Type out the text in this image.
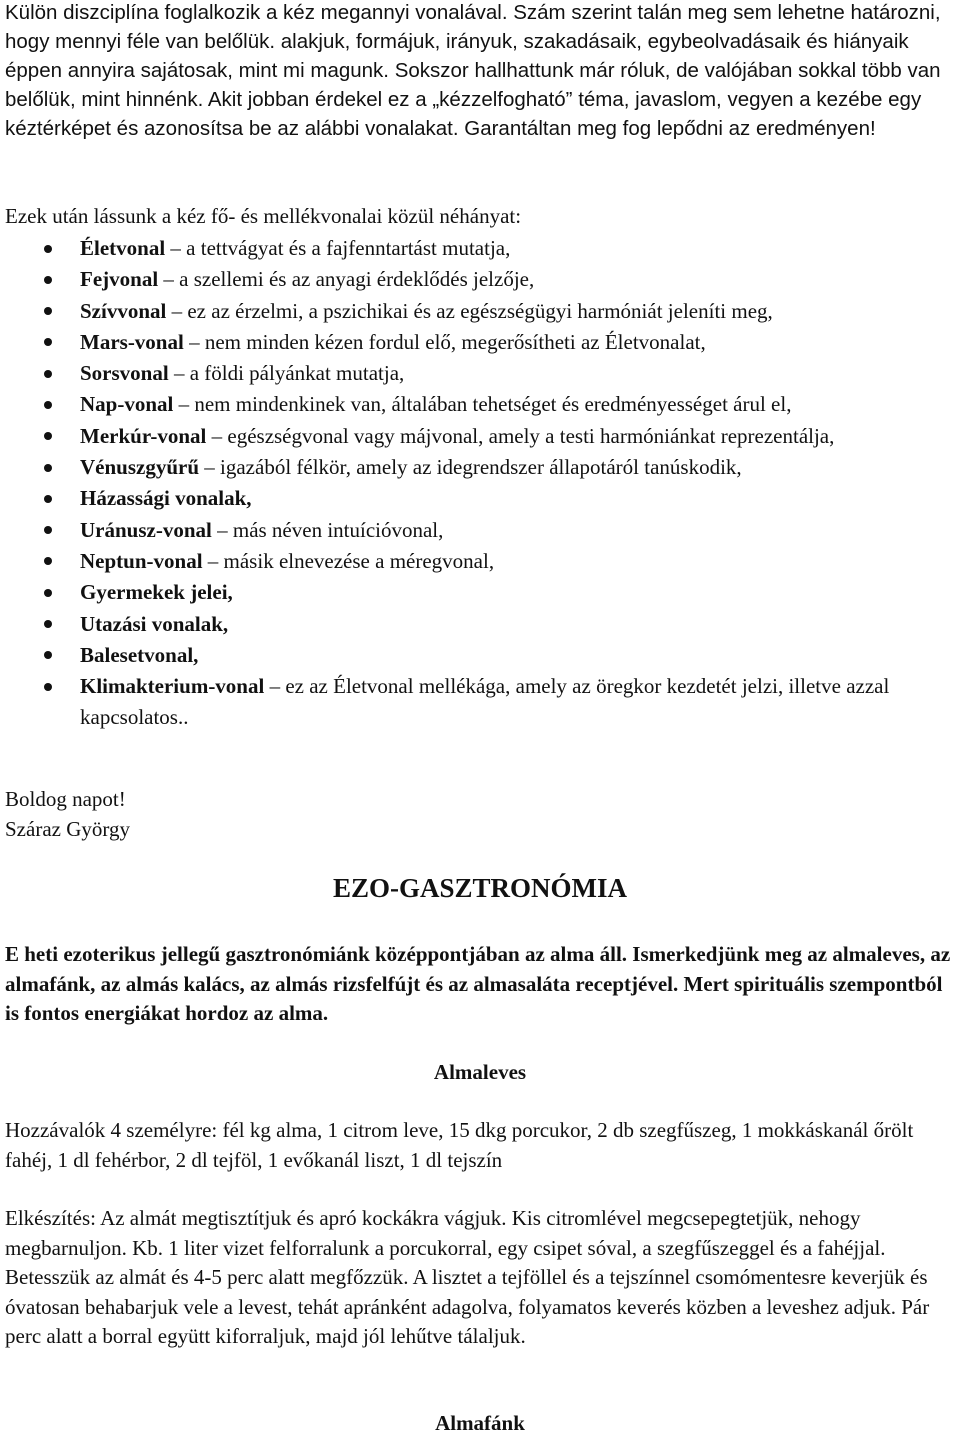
Külön diszciplína foglalkozik a kéz megannyi vonalával. Szám szerint talán meg sem lehetne határozni, hogy mennyi féle van belőlük. alakjuk, formájuk, irányuk, szakadásaik, egybeolvadásaik és hiányaik éppen annyira sajátosak, mint mi magunk. Sokszor hallhattunk már róluk, de valójában sokkal több van belőlük, mint hinnénk. Akit jobban érdekel ez a „kézzelfogható” téma, javaslom, vegyen a kezébe egy kéztérképet és azonosítsa be az alábbi vonalakat. Garantáltan meg fog lepődni az eredményen!

Ezek után lássunk a kéz fő- és mellékvonalai közül néhányat:

Életvonal – a tettvágyat és a fajfenntartást mutatja,
Fejvonal – a szellemi és az anyagi érdeklődés jelzője,
Szívvonal – ez az érzelmi, a pszichikai és az egészségügyi harmóniát jeleníti meg,
Mars-vonal – nem minden kézen fordul elő, megerősítheti az Életvonalat,
Sorsvonal – a földi pályánkat mutatja,
Nap-vonal – nem mindenkinek van, általában tehetséget és eredményességet árul el,
Merkúr-vonal – egészségvonal vagy májvonal, amely a testi harmóniánkat reprezentálja,
Vénuszgyűrű – igazából félkör, amely az idegrendszer állapotáról tanúskodik,
Házassági vonalak,
Uránusz-vonal – más néven intuícióvonal,
Neptun-vonal – másik elnevezése a méregvonal,
Gyermekek jelei,
Utazási vonalak,
Balesetvonal,
Klimakterium-vonal – ez az Életvonal mellékága, amely az öregkor kezdetét jelzi, illetve azzal kapcsolatos..
Boldog napot!
Száraz György
EZO-GASZTRONÓMIA

E heti ezoterikus jellegű gasztronómiánk középpontjában az alma áll. Ismerkedjünk meg az almaleves, az almafánk, az almás kalács, az almás rizsfelfújt és az almasaláta receptjével. Mert spirituális szempontból is fontos energiákat hordoz az alma.

Almaleves

Hozzávalók 4 személyre: fél kg alma, 1 citrom leve, 15 dkg porcukor, 2 db szegfűszeg, 1 mokkáskanál őrölt fahéj, 1 dl fehérbor, 2 dl tejföl, 1 evőkanál liszt, 1 dl tejszín

Elkészítés: Az almát megtisztítjuk és apró kockákra vágjuk. Kis citromlével megcsepegtetjük, nehogy megbarnuljon. Kb. 1 liter vizet felforralunk a porcukorral, egy csipet sóval, a szegfűszeggel és a fahéjjal. Betesszük az almát és 4-5 perc alatt megfőzzük. A lisztet a tejföllel és a tejszínnel csomómentesre keverjük és óvatosan behabarjuk vele a levest, tehát apránként adagolva, folyamatos keverés közben a leveshez adjuk. Pár perc alatt a borral együtt kiforraljuk, majd jól lehűtve tálaljuk.

Almafánk
